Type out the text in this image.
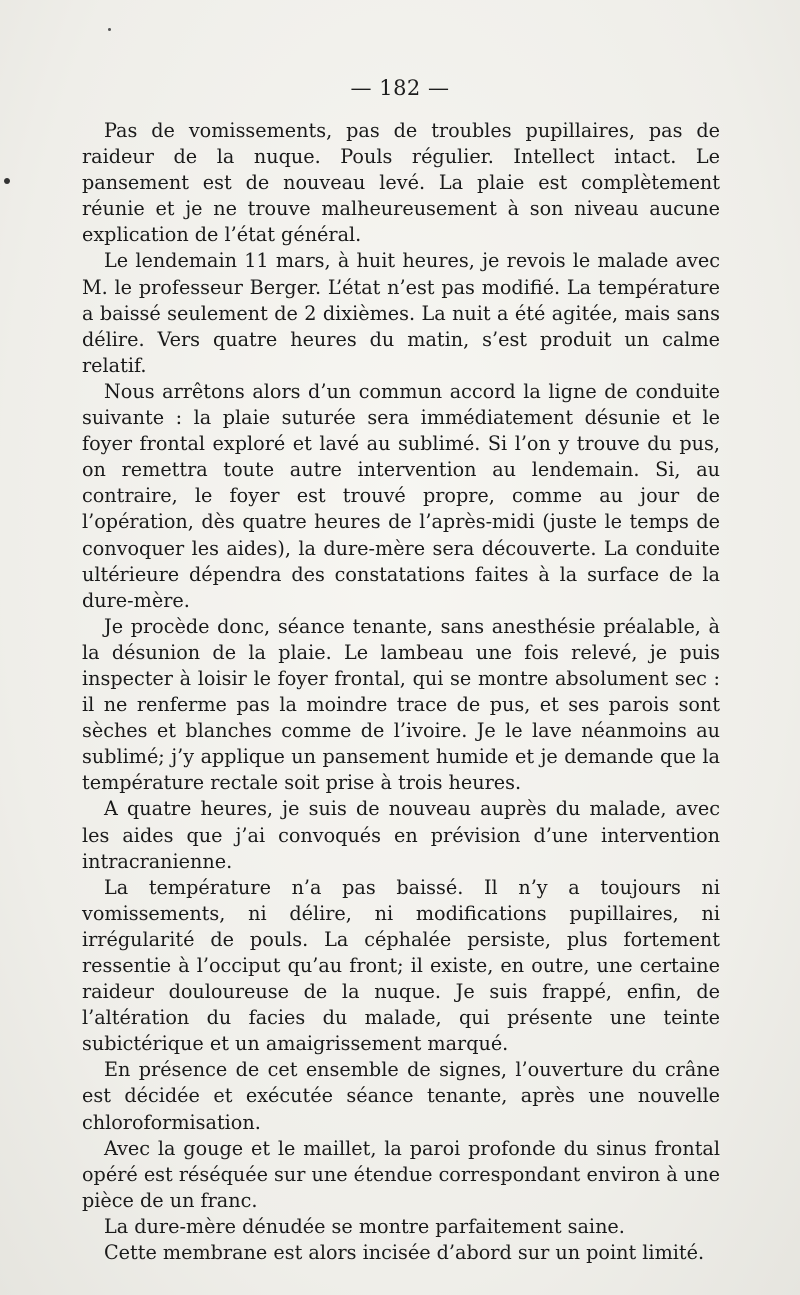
— 182 —

Pas de vomissements, pas de troubles pupillaires, pas de raideur de la nuque. Pouls régulier. Intellect intact. Le pansement est de nouveau levé. La plaie est complètement réunie et je ne trouve malheureusement à son niveau aucune explication de l’état général.

Le lendemain 11 mars, à huit heures, je revois le malade avec M. le professeur Berger. L’état n’est pas modifié. La température a baissé seulement de 2 dixièmes. La nuit a été agitée, mais sans délire. Vers quatre heures du matin, s’est produit un calme relatif.

Nous arrêtons alors d’un commun accord la ligne de conduite suivante : la plaie suturée sera immédiatement désunie et le foyer frontal exploré et lavé au sublimé. Si l’on y trouve du pus, on remettra toute autre intervention au lendemain. Si, au contraire, le foyer est trouvé propre, comme au jour de l’opération, dès quatre heures de l’après-midi (juste le temps de convoquer les aides), la dure-mère sera découverte. La conduite ultérieure dépendra des constatations faites à la surface de la dure-mère.

Je procède donc, séance tenante, sans anesthésie préalable, à la désunion de la plaie. Le lambeau une fois relevé, je puis inspecter à loisir le foyer frontal, qui se montre absolument sec : il ne renferme pas la moindre trace de pus, et ses parois sont sèches et blanches comme de l’ivoire. Je le lave néanmoins au sublimé; j’y applique un pansement humide et je demande que la température rectale soit prise à trois heures.

A quatre heures, je suis de nouveau auprès du malade, avec les aides que j’ai convoqués en prévision d’une intervention intracranienne.

La température n’a pas baissé. Il n’y a toujours ni vomissements, ni délire, ni modifications pupillaires, ni irrégularité de pouls. La céphalée persiste, plus fortement ressentie à l’occiput qu’au front; il existe, en outre, une certaine raideur douloureuse de la nuque. Je suis frappé, enfin, de l’altération du facies du malade, qui présente une teinte subictérique et un amaigrissement marqué.

En présence de cet ensemble de signes, l’ouverture du crâne est décidée et exécutée séance tenante, après une nouvelle chloroformisation.

Avec la gouge et le maillet, la paroi profonde du sinus frontal opéré est réséquée sur une étendue correspondant environ à une pièce de un franc.

La dure-mère dénudée se montre parfaitement saine.

Cette membrane est alors incisée d’abord sur un point limité.
